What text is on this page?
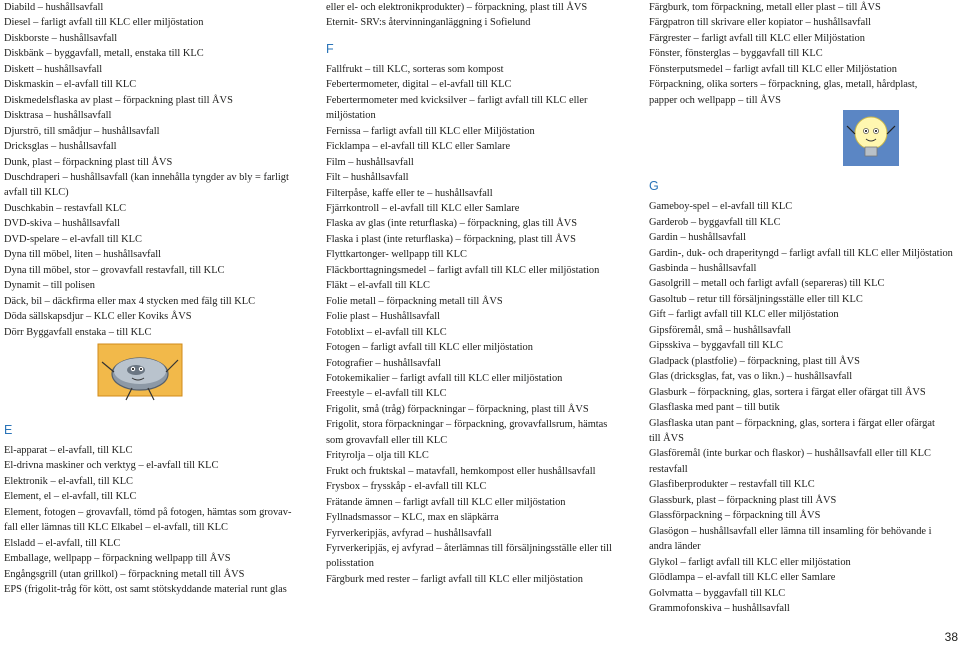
Diabild – hushållsavfall
Diesel – farligt avfall till KLC eller miljöstation
Diskborste – hushållsavfall
Diskbänk – byggavfall, metall, enstaka till KLC
Diskett – hushållsavfall
Diskmaskin – el-avfall till KLC
Diskmedelsflaska av plast – förpackning plast till ÅVS
Disktrasa – hushållsavfall
Djurströ, till smådjur – hushållsavfall
Dricksglas – hushållsavfall
Dunk, plast – förpackning plast till ÅVS
Duschdraperi – hushållsavfall (kan innehålla tyngder av bly = farligt
avfall till KLC)
Duschkabin – restavfall KLC
DVD-skiva – hushållsavfall
DVD-spelare – el-avfall till KLC
Dyna till möbel, liten – hushållsavfall
Dyna till möbel, stor – grovavfall restavfall, till KLC
Dynamit – till polisen
Däck, bil – däckfirma eller max 4 stycken med fälg till KLC
Döda sällskapsdjur – KLC eller Koviks ÅVS
Dörr Byggavfall enstaka – till KLC
E
El-apparat – el-avfall, till KLC
El-drivna maskiner och verktyg – el-avfall till KLC
Elektronik – el-avfall, till KLC
Element, el – el-avfall, till KLC
Element, fotogen – grovavfall, tömd på fotogen, hämtas som grovav-
fall eller lämnas till KLC Elkabel – el-avfall, till KLC
Elsladd – el-avfall, till KLC
Emballage, wellpapp – förpackning wellpapp till ÅVS
Engångsgrill (utan grillkol) – förpackning metall till ÅVS
EPS (frigolit-tråg för kött, ost samt stötskyddande material runt glas
eller el- och elektronikprodukter) – förpackning, plast till ÅVS
Eternit- SRV:s återvinninganläggning i Sofielund
F
Fallfrukt – till KLC, sorteras som kompost
Febertermometer, digital – el-avfall till KLC
Febertermometer med kvicksilver – farligt avfall till KLC eller
miljöstation
Fernissa – farligt avfall till KLC eller Miljöstation
Ficklampa – el-avfall till KLC eller Samlare
Film – hushållsavfall
Filt – hushållsavfall
Filterpåse, kaffe eller te – hushållsavfall
Fjärrkontroll – el-avfall till KLC eller Samlare
Flaska av glas (inte returflaska) – förpackning, glas till ÅVS
Flaska i plast (inte returflaska) – förpackning, plast till ÅVS
Flyttkartonger- wellpapp till KLC
Fläckborttagningsmedel – farligt avfall till KLC eller miljöstation
Fläkt – el-avfall till KLC
Folie metall – förpackning metall till ÅVS
Folie plast – Hushållsavfall
Fotoblixt – el-avfall till KLC
Fotogen – farligt avfall till KLC eller miljöstation
Fotografier – hushållsavfall
Fotokemikalier – farligt avfall till KLC eller miljöstation
Freestyle – el-avfall till KLC
Frigolit, små (tråg) förpackningar – förpackning, plast till ÅVS
Frigolit, stora förpackningar – förpackning, grovavfallsrum, hämtas
som grovavfall eller till KLC
Frityrolja – olja till KLC
Frukt och fruktskal – matavfall, hemkompost eller hushållsavfall
Frysbox – frysskåp - el-avfall till KLC
Frätande ämnen – farligt avfall till KLC eller miljöstation
Fyllnadsmassor – KLC, max en släpkärra
Fyrverkeripjäs, avfyrad – hushållsavfall
Fyrverkeripjäs, ej avfyrad – återlämnas till försäljningsställe eller till
polisstation
Färgburk med rester – farligt avfall till KLC eller miljöstation
Färgburk, tom förpackning, metall eller plast – till ÅVS
Färgpatron till skrivare eller kopiator – hushållsavfall
Färgrester – farligt avfall till KLC eller Miljöstation
Fönster, fönsterglas – byggavfall till KLC
Fönsterputsmedel – farligt avfall till KLC eller Miljöstation
Förpackning, olika sorters – förpackning, glas, metall, hårdplast,
papper och wellpapp – till ÅVS
G
Gameboy-spel – el-avfall till KLC
Garderob – byggavfall till KLC
Gardin – hushållsavfall
Gardin-, duk- och draperityngd – farligt avfall till KLC eller Miljöstation
Gasbinda – hushållsavfall
Gasolgrill – metall och farligt avfall (separeras) till KLC
Gasoltub – retur till försäljningsställe eller till KLC
Gift – farligt avfall till KLC eller miljöstation
Gipsföremål, små – hushållsavfall
Gipsskiva – byggavfall till KLC
Gladpack (plastfolie) – förpackning, plast till ÅVS
Glas (dricksglas, fat, vas o likn.) – hushållsavfall
Glasburk – förpackning, glas, sortera i färgat eller ofärgat till ÅVS
Glasflaska med pant – till butik
Glasflaska utan pant – förpackning, glas, sortera i färgat eller ofärgat
till ÅVS
Glasföremål (inte burkar och flaskor) – hushållsavfall eller till KLC
restavfall
Glasfiberprodukter – restavfall till KLC
Glassburk, plast – förpackning plast till ÅVS
Glassförpackning – förpackning till ÅVS
Glasögon – hushållsavfall eller lämna till insamling för behövande i
andra länder
Glykol – farligt avfall till KLC eller miljöstation
Glödlampa – el-avfall till KLC eller Samlare
Golvmatta – byggavfall till KLC
Grammofonskiva – hushållsavfall
38
